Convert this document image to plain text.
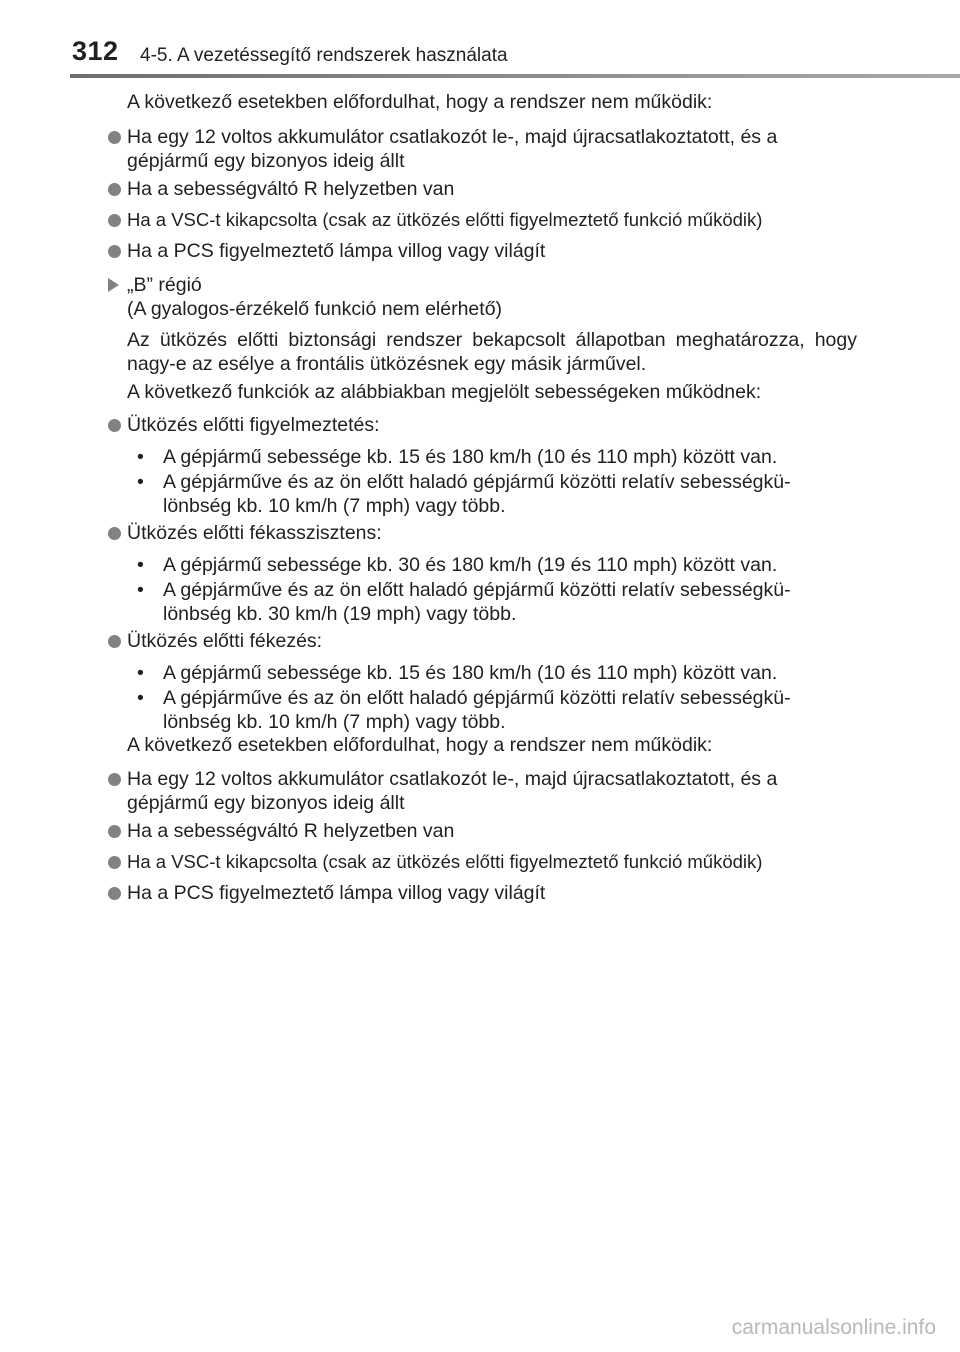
312 4-5. A vezetéssegítő rendszerek használata

A következő esetekben előfordulhat, hogy a rendszer nem működik:

Ha egy 12 voltos akkumulátor csatlakozót le-, majd újracsatlakoztatott, és a
gépjármű egy bizonyos ideig állt
Ha a sebességváltó R helyzetben van
Ha a VSC-t kikapcsolta (csak az ütközés előtti figyelmeztető funkció működik)
Ha a PCS figyelmeztető lámpa villog vagy világít
„B” régió
(A gyalogos-érzékelő funkció nem elérhető)

Az ütközés előtti biztonsági rendszer bekapcsolt állapotban meghatározza, hogy nagy-e az esélye a frontális ütközésnek egy másik járművel.

A következő funkciók az alábbiakban megjelölt sebességeken működnek:

Ütközés előtti figyelmeztetés:
• A gépjármű sebessége kb. 15 és 180 km/h (10 és 110 mph) között van.
• A gépjárműve és az ön előtt haladó gépjármű közötti relatív sebességkü-
lönbség kb. 10 km/h (7 mph) vagy több.
Ütközés előtti fékasszisztens:
• A gépjármű sebessége kb. 30 és 180 km/h (19 és 110 mph) között van.
• A gépjárműve és az ön előtt haladó gépjármű közötti relatív sebességkü-
lönbség kb. 30 km/h (19 mph) vagy több.
Ütközés előtti fékezés:
• A gépjármű sebessége kb. 15 és 180 km/h (10 és 110 mph) között van.
• A gépjárműve és az ön előtt haladó gépjármű közötti relatív sebességkü-
lönbség kb. 10 km/h (7 mph) vagy több.

A következő esetekben előfordulhat, hogy a rendszer nem működik:

Ha egy 12 voltos akkumulátor csatlakozót le-, majd újracsatlakoztatott, és a
gépjármű egy bizonyos ideig állt
Ha a sebességváltó R helyzetben van
Ha a VSC-t kikapcsolta (csak az ütközés előtti figyelmeztető funkció működik)
Ha a PCS figyelmeztető lámpa villog vagy világít
carmanualsonline.info
